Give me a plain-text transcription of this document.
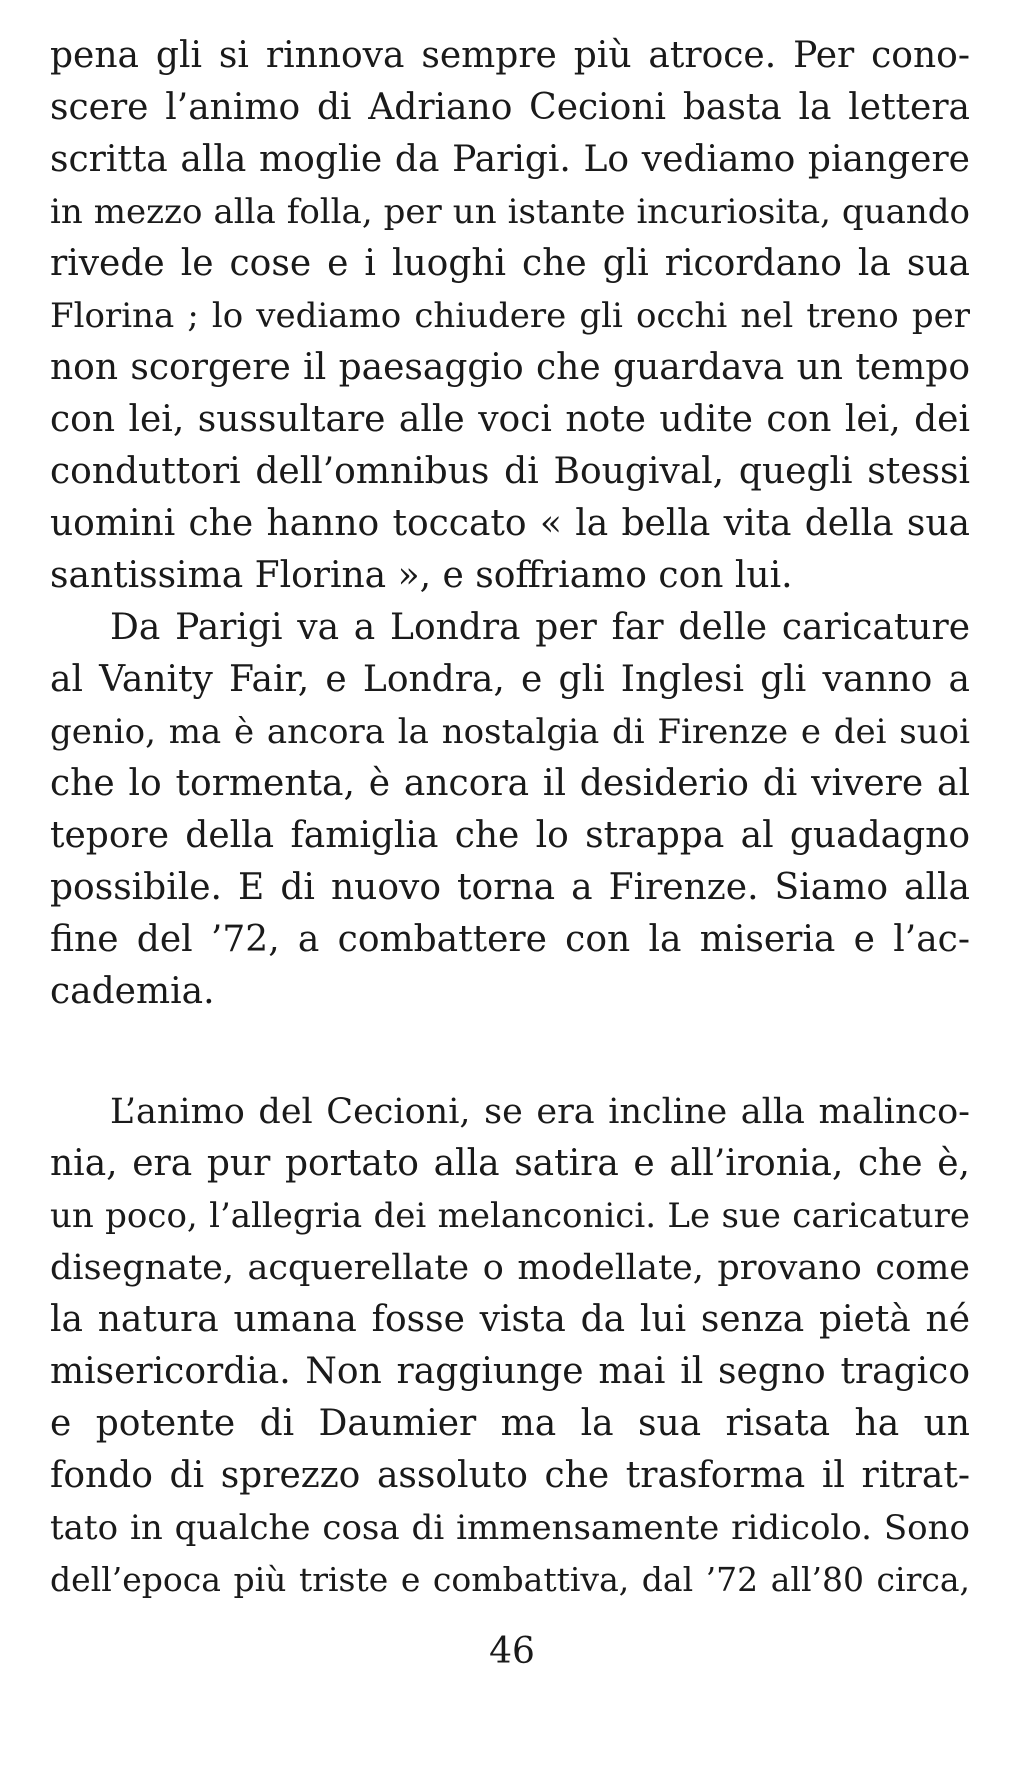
pena gli si rinnova sempre più atroce. Per cono-
scere l’animo di Adriano Cecioni basta la lettera
scritta alla moglie da Parigi. Lo vediamo piangere
in mezzo alla folla, per un istante incuriosita, quando
rivede le cose e i luoghi che gli ricordano la sua
Florina ; lo vediamo chiudere gli occhi nel treno per
non scorgere il paesaggio che guardava un tempo
con lei, sussultare alle voci note udite con lei, dei
conduttori dell’omnibus di Bougival, quegli stessi
uomini che hanno toccato « la bella vita della sua
santissima Florina », e soffriamo con lui.
Da Parigi va a Londra per far delle caricature
al Vanity Fair, e Londra, e gli Inglesi gli vanno a
genio, ma è ancora la nostalgia di Firenze e dei suoi
che lo tormenta, è ancora il desiderio di vivere al
tepore della famiglia che lo strappa al guadagno
possibile. E di nuovo torna a Firenze. Siamo alla
fine del ’72, a combattere con la miseria e l’ac-
cademia.
L’animo del Cecioni, se era incline alla malinco-
nia, era pur portato alla satira e all’ironia, che è,
un poco, l’allegria dei melanconici. Le sue caricature
disegnate, acquerellate o modellate, provano come
la natura umana fosse vista da lui senza pietà né
misericordia. Non raggiunge mai il segno tragico
e potente di Daumier ma la sua risata ha un
fondo di sprezzo assoluto che trasforma il ritrat-
tato in qualche cosa di immensamente ridicolo. Sono
dell’epoca più triste e combattiva, dal ’72 all’80 circa,
46
